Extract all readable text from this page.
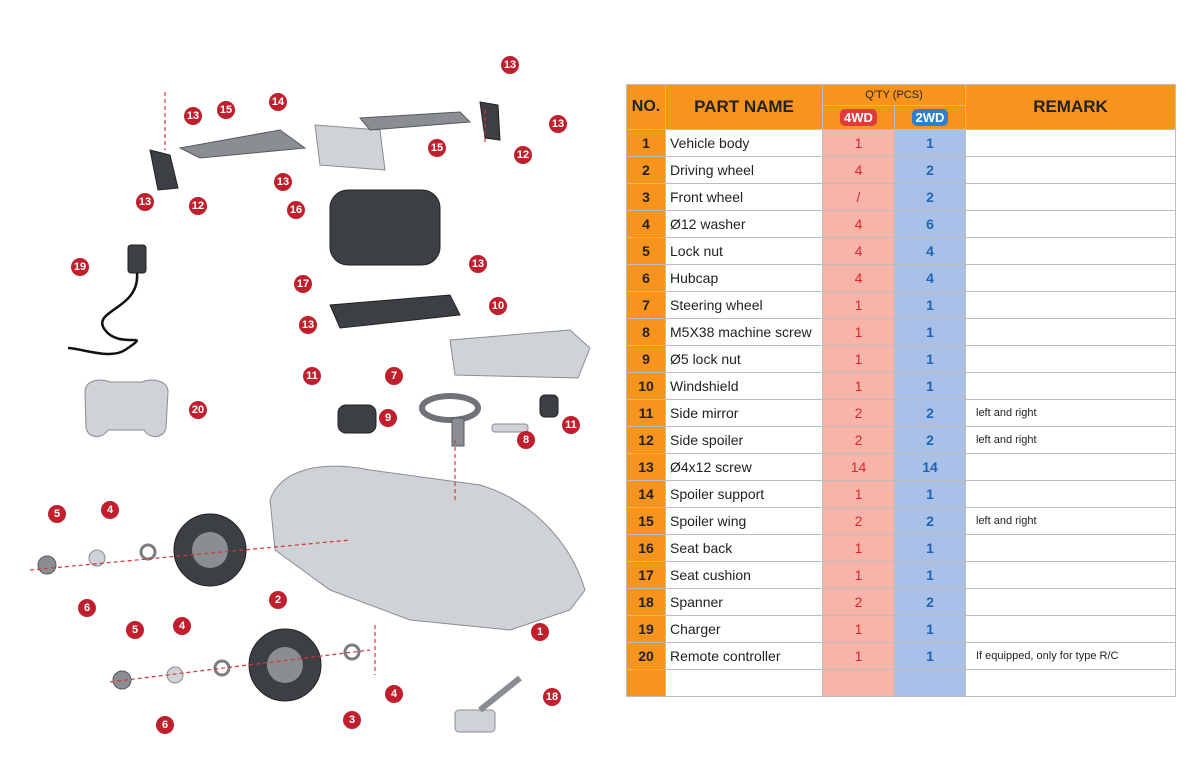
13
13
13
13
13
13
13
12
12
14
15
15
16
17
19
20
10
11
11
7
9
8
5	4
2
6
5	4
3
4
6
1
18
NO.	PART NAME	Q'TY (PCS)		REMARK
		4WD	2WD	
1	Vehicle body	1	1	
2	Driving wheel	4	2	
3	Front wheel	/	2	
4	Ø12 washer	4	6	
5	Lock nut	4	4	
6	Hubcap	4	4	
7	Steering wheel	1	1	
8	M5X38 machine screw	1	1	
9	Ø5 lock nut	1	1	
10	Windshield	1	1	
11	Side mirror	2	2	left and right
12	Side spoiler	2	2	left and right
13	Ø4x12 screw	14	14	
14	Spoiler support	1	1	
15	Spoiler wing	2	2	left and right
16	Seat back	1	1	
17	Seat cushion	1	1	
18	Spanner	2	2	
19	Charger	1	1	
20	Remote controller	1	1	If equipped, only for type R/C
